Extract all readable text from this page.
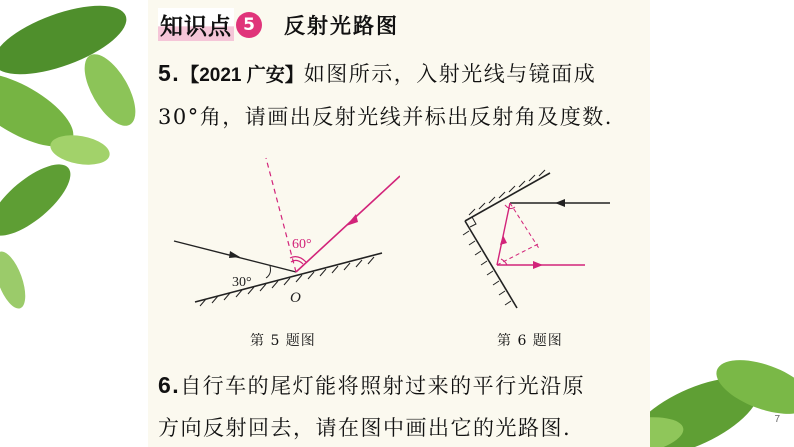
知识点 5	反射光路图
5.【2021 广安】如图所示，入射光线与镜面成
30°角，请画出反射光线并标出反射角及度数.
30°
60°
O
第 5 题图	第 6 题图
6.自行车的尾灯能将照射过来的平行光沿原
方向反射回去，请在图中画出它的光路图.	7
